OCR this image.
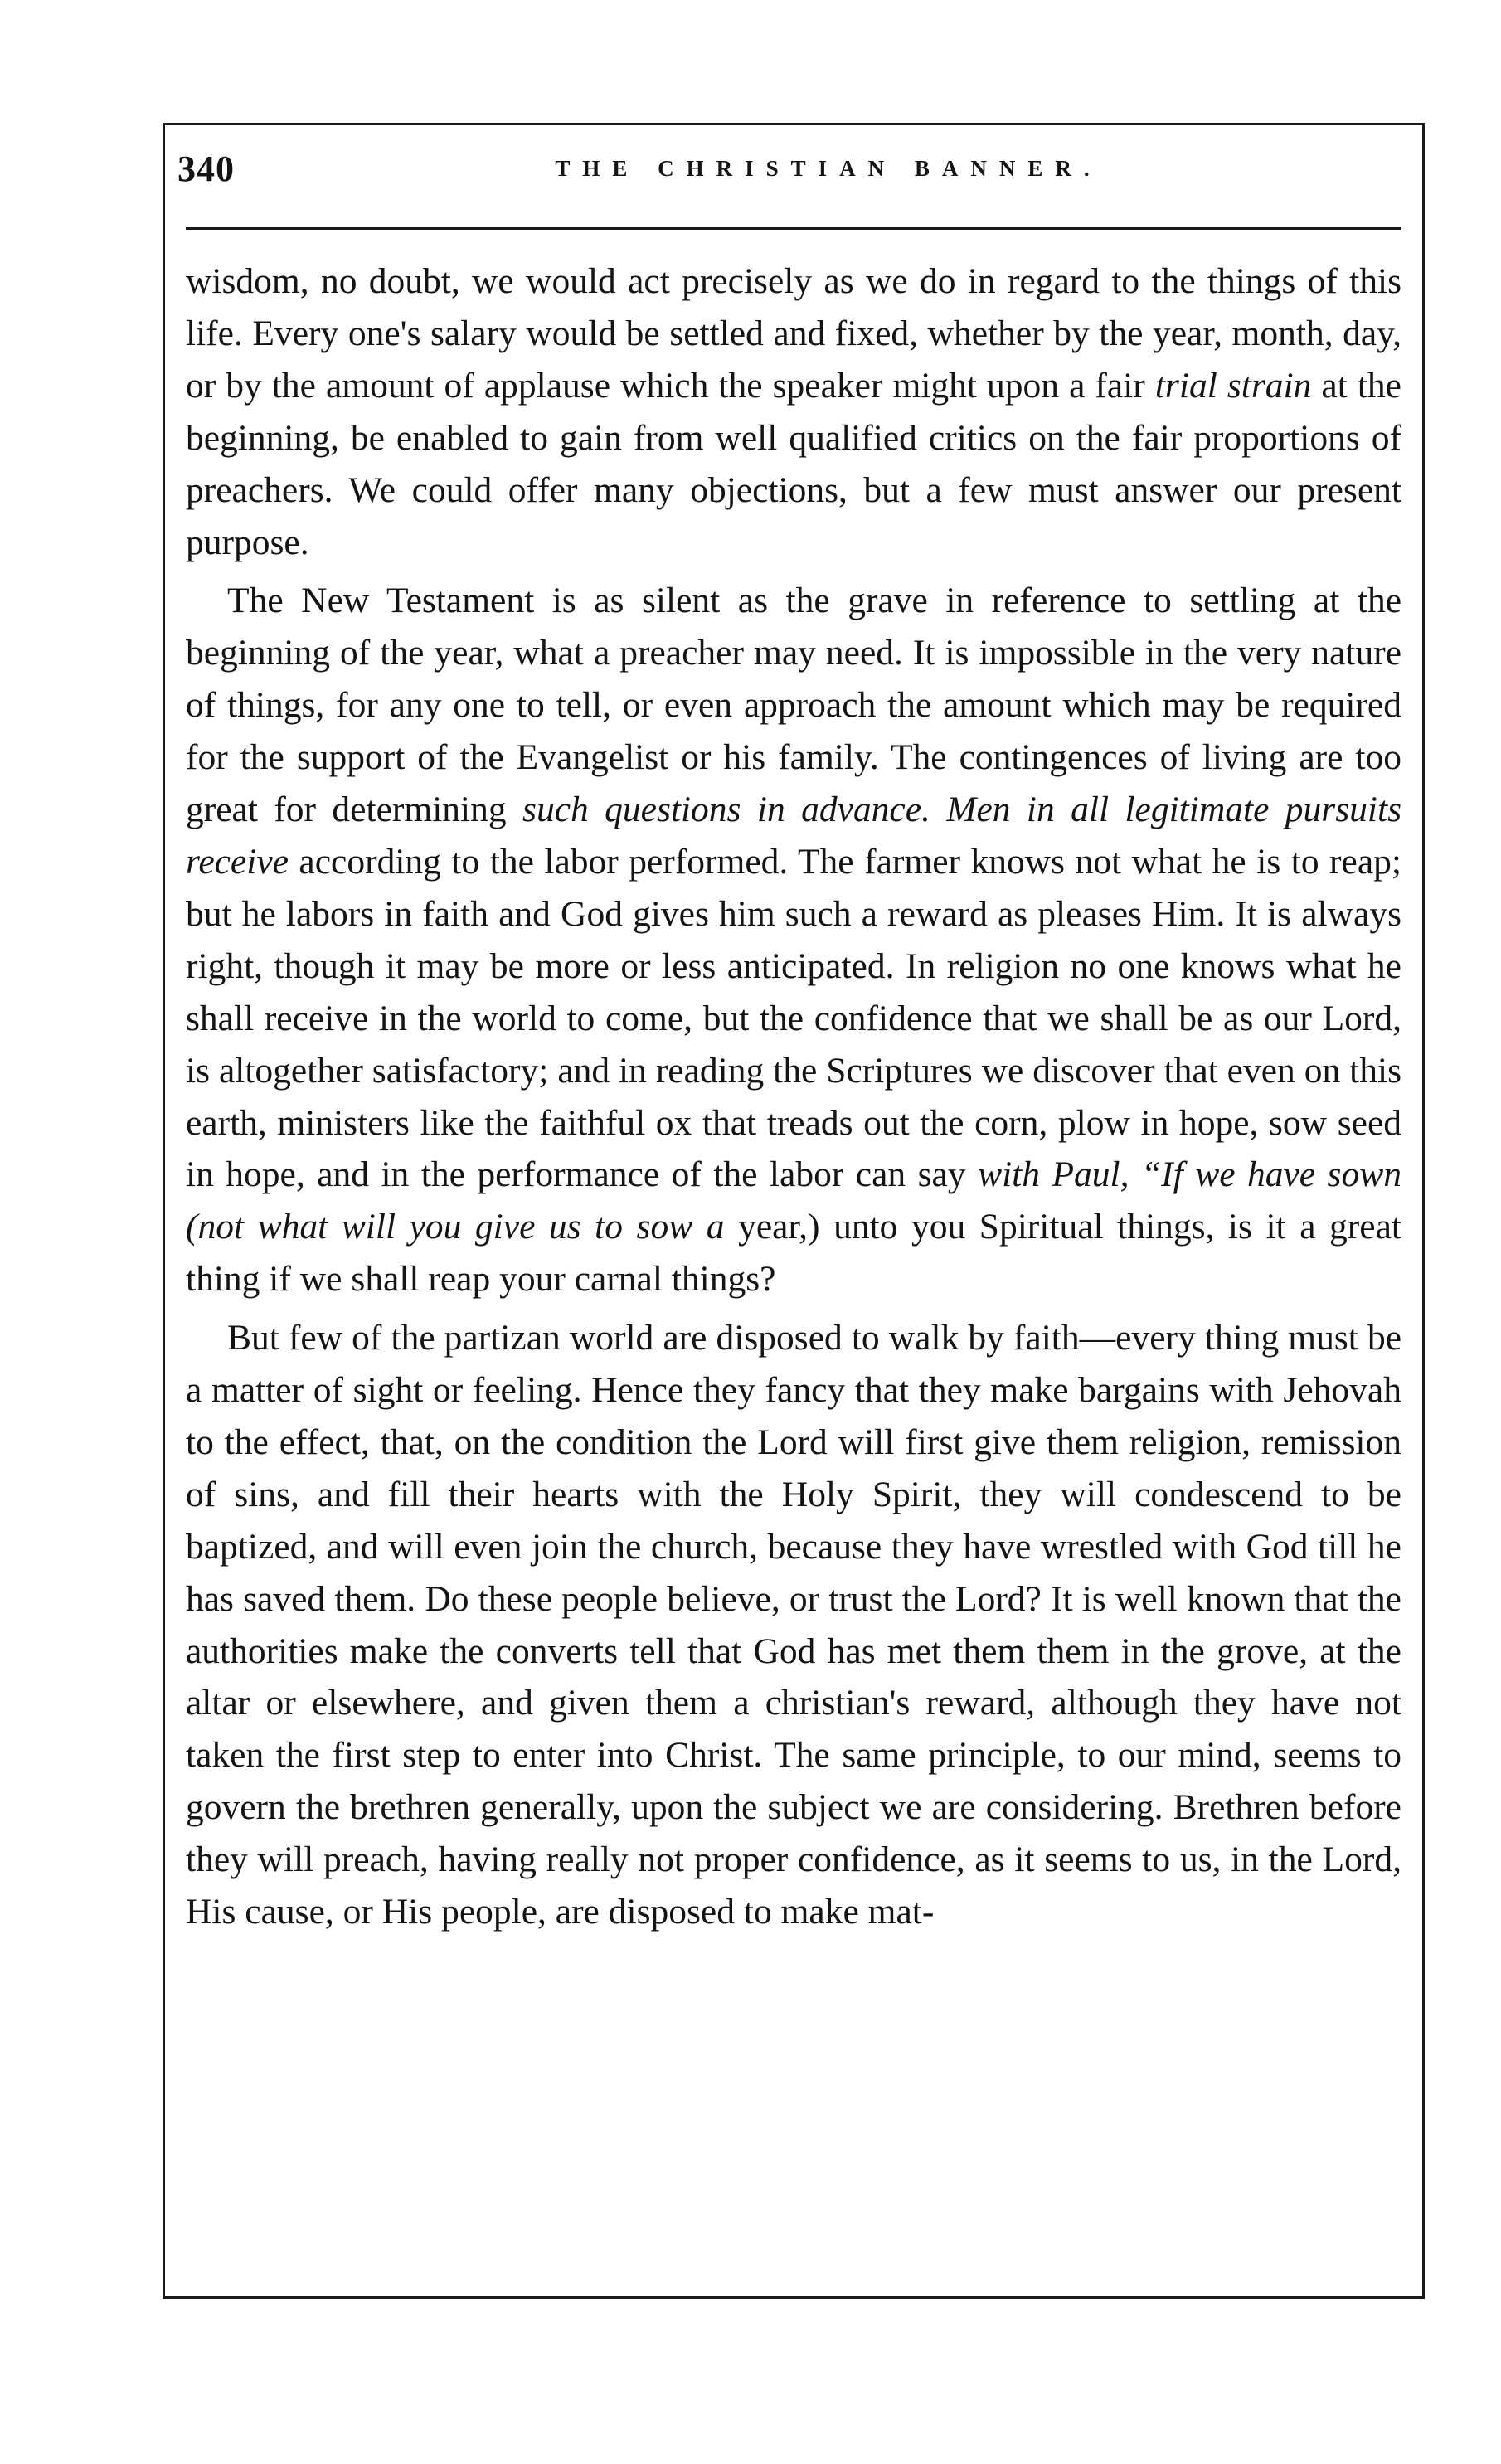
340	THE CHRISTIAN BANNER.

wisdom, no doubt, we would act precisely as we do in regard to the things of this life. Every one's salary would be settled and fixed, whether by the year, month, day, or by the amount of applause which the speaker might upon a fair trial strain at the beginning, be enabled to gain from well qualified critics on the fair proportions of preachers. We could offer many objections, but a few must answer our present purpose.

The New Testament is as silent as the grave in reference to settling at the beginning of the year, what a preacher may need. It is impossible in the very nature of things, for any one to tell, or even approach the amount which may be required for the support of the Evangelist or his family. The contingences of living are too great for determining such questions in advance. Men in all legitimate pursuits receive according to the labor performed. The farmer knows not what he is to reap; but he labors in faith and God gives him such a reward as pleases Him. It is always right, though it may be more or less anticipated. In religion no one knows what he shall receive in the world to come, but the confidence that we shall be as our Lord, is altogether satisfactory; and in reading the Scriptures we discover that even on this earth, ministers like the faithful ox that treads out the corn, plow in hope, sow seed in hope, and in the performance of the labor can say with Paul, “If we have sown (not what will you give us to sow a year,) unto you Spiritual things, is it a great thing if we shall reap your carnal things?

But few of the partizan world are disposed to walk by faith—every thing must be a matter of sight or feeling. Hence they fancy that they make bargains with Jehovah to the effect, that, on the condition the Lord will first give them religion, remission of sins, and fill their hearts with the Holy Spirit, they will condescend to be baptized, and will even join the church, because they have wrestled with God till he has saved them. Do these people believe, or trust the Lord? It is well known that the authorities make the converts tell that God has met them them in the grove, at the altar or elsewhere, and given them a christian's reward, although they have not taken the first step to enter into Christ. The same principle, to our mind, seems to govern the brethren generally, upon the subject we are considering. Brethren before they will preach, having really not proper confidence, as it seems to us, in the Lord, His cause, or His people, are disposed to make mat-
